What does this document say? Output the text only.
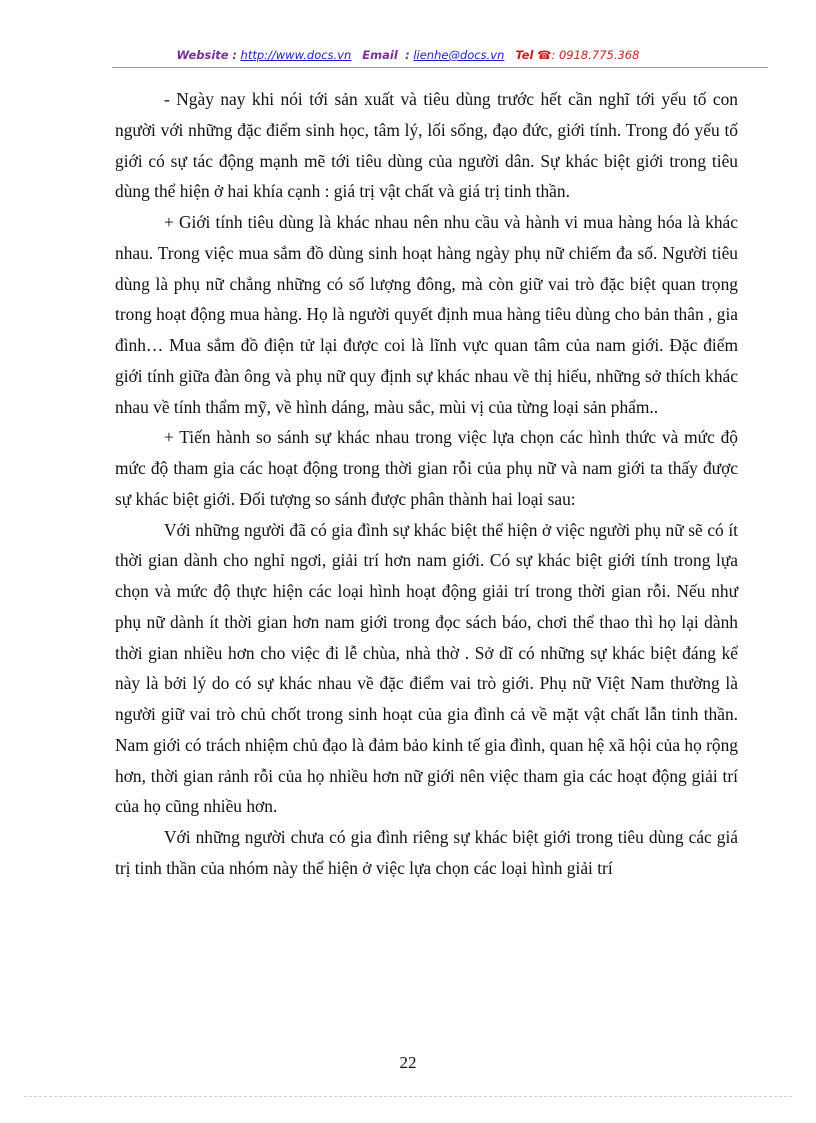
Website : http://www.docs.vn Email : lienhe@docs.vn Tel ☎: 0918.775.368

- Ngày nay khi nói tới sản xuất và tiêu dùng trước hết cần nghĩ tới yếu tố con người với những đặc điểm sinh học, tâm lý, lối sống, đạo đức, giới tính. Trong đó yếu tố giới có sự tác động mạnh mẽ tới tiêu dùng của người dân. Sự khác biệt giới trong tiêu dùng thể hiện ở hai khía cạnh : giá trị vật chất và giá trị tinh thần.

+ Giới tính tiêu dùng là khác nhau nên nhu cầu và hành vi mua hàng hóa là khác nhau. Trong việc mua sắm đồ dùng sinh hoạt hàng ngày phụ nữ chiếm đa số. Người tiêu dùng là phụ nữ chẳng những có số lượng đông, mà còn giữ vai trò đặc biệt quan trọng trong hoạt động mua hàng. Họ là người quyết định mua hàng tiêu dùng cho bản thân , gia đình… Mua sắm đồ điện tử lại được coi là lĩnh vực quan tâm của nam giới. Đặc điểm giới tính giữa đàn ông và phụ nữ quy định sự khác nhau về thị hiếu, những sở thích khác nhau về tính thẩm mỹ, về hình dáng, màu sắc, mùi vị của từng loại sản phẩm..

+ Tiến hành so sánh sự khác nhau trong việc lựa chọn các hình thức và mức độ mức độ tham gia các hoạt động trong thời gian rỗi của phụ nữ và nam giới ta thấy được sự khác biệt giới. Đối tượng so sánh được phân thành hai loại sau:

Với những người đã có gia đình sự khác biệt thể hiện ở việc người phụ nữ sẽ có ít thời gian dành cho nghỉ ngơi, giải trí hơn nam giới. Có sự khác biệt giới tính trong lựa chọn và mức độ thực hiện các loại hình hoạt động giải trí trong thời gian rỗi. Nếu như phụ nữ dành ít thời gian hơn nam giới trong đọc sách báo, chơi thể thao thì họ lại dành thời gian nhiều hơn cho việc đi lễ chùa, nhà thờ . Sở dĩ có những sự khác biệt đáng kể này là bởi lý do có sự khác nhau về đặc điểm vai trò giới. Phụ nữ Việt Nam thường là người giữ vai trò chủ chốt trong sinh hoạt của gia đình cả về mặt vật chất lẫn tinh thần. Nam giới có trách nhiệm chủ đạo là đảm bảo kinh tế gia đình, quan hệ xã hội của họ rộng hơn, thời gian rảnh rỗi của họ nhiều hơn nữ giới nên việc tham gia các hoạt động giải trí của họ cũng nhiều hơn.

Với những người chưa có gia đình riêng sự khác biệt giới trong tiêu dùng các giá trị tinh thần của nhóm này thể hiện ở việc lựa chọn các loại hình giải trí

22
